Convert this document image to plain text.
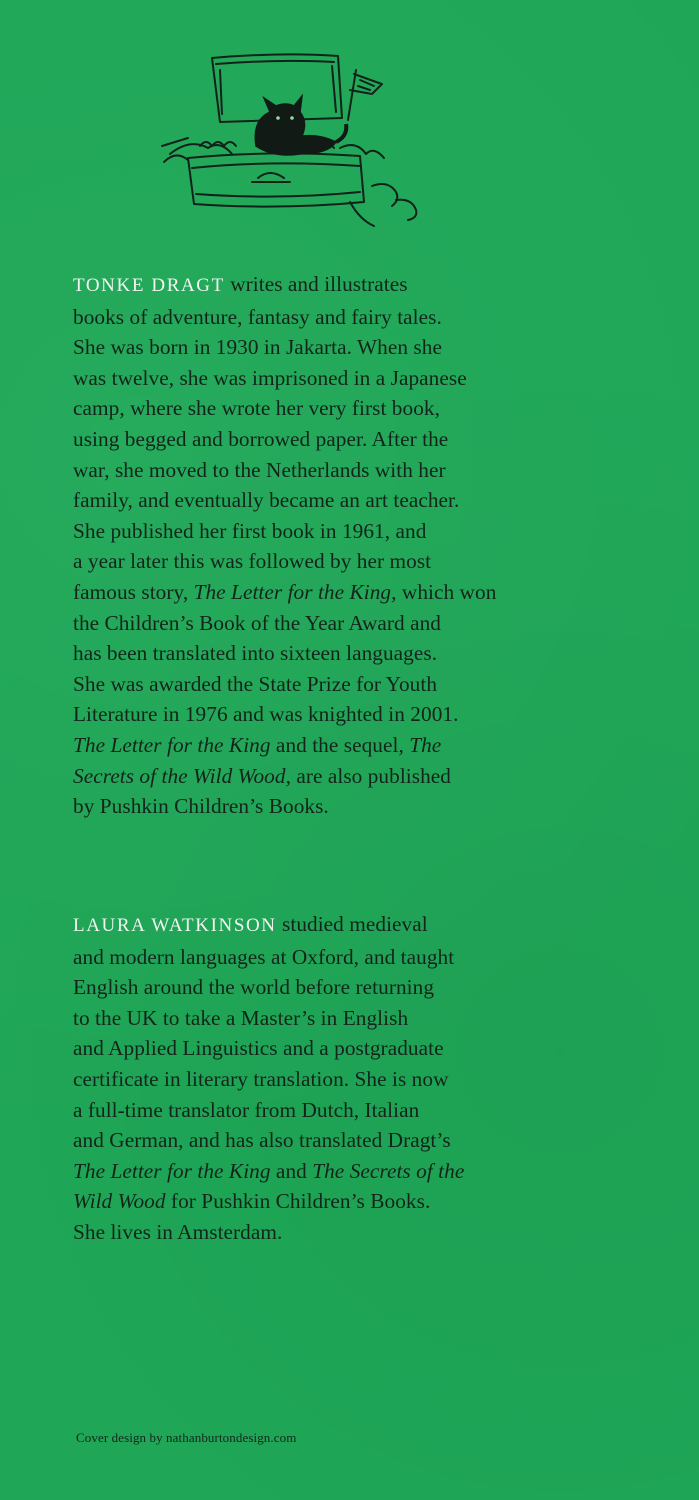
TONKE DRAGT writes and illustrates
books of adventure, fantasy and fairy tales.
She was born in 1930 in Jakarta. When she
was twelve, she was imprisoned in a Japanese
camp, where she wrote her very first book,
using begged and borrowed paper. After the
war, she moved to the Netherlands with her
family, and eventually became an art teacher.
She published her first book in 1961, and
a year later this was followed by her most
famous story, The Letter for the King, which won
the Children’s Book of the Year Award and
has been translated into sixteen languages.
She was awarded the State Prize for Youth
Literature in 1976 and was knighted in 2001.
The Letter for the King and the sequel, The
Secrets of the Wild Wood, are also published
by Pushkin Children’s Books.

LAURA WATKINSON studied medieval
and modern languages at Oxford, and taught
English around the world before returning
to the UK to take a Master’s in English
and Applied Linguistics and a postgraduate
certificate in literary translation. She is now
a full-time translator from Dutch, Italian
and German, and has also translated Dragt’s
The Letter for the King and The Secrets of the
Wild Wood for Pushkin Children’s Books.
She lives in Amsterdam.

Cover design by nathanburtondesign.com
